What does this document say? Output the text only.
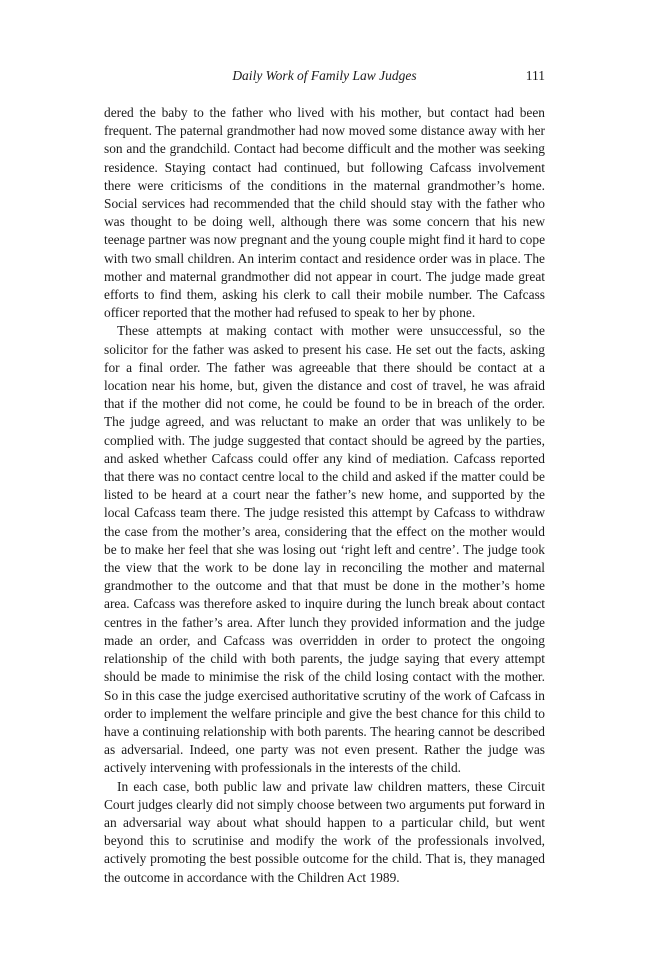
Daily Work of Family Law Judges	111

dered the baby to the father who lived with his mother, but contact had been frequent. The paternal grandmother had now moved some distance away with her son and the grandchild. Contact had become difficult and the mother was seeking residence. Staying contact had continued, but following Cafcass involvement there were criticisms of the conditions in the maternal grandmother’s home. Social services had recommended that the child should stay with the father who was thought to be doing well, although there was some concern that his new teenage partner was now pregnant and the young couple might find it hard to cope with two small children. An interim contact and residence order was in place. The mother and maternal grandmother did not appear in court. The judge made great efforts to find them, asking his clerk to call their mobile number. The Cafcass officer reported that the mother had refused to speak to her by phone.

These attempts at making contact with mother were unsuccessful, so the solicitor for the father was asked to present his case. He set out the facts, asking for a final order. The father was agreeable that there should be contact at a location near his home, but, given the distance and cost of travel, he was afraid that if the mother did not come, he could be found to be in breach of the order. The judge agreed, and was reluctant to make an order that was unlikely to be complied with. The judge suggested that contact should be agreed by the parties, and asked whether Cafcass could offer any kind of mediation. Cafcass reported that there was no contact centre local to the child and asked if the matter could be listed to be heard at a court near the father’s new home, and supported by the local Cafcass team there. The judge resisted this attempt by Cafcass to withdraw the case from the mother’s area, considering that the effect on the mother would be to make her feel that she was losing out ‘right left and centre’. The judge took the view that the work to be done lay in reconciling the mother and maternal grandmother to the outcome and that that must be done in the mother’s home area. Cafcass was therefore asked to inquire during the lunch break about contact centres in the father’s area. After lunch they provided information and the judge made an order, and Cafcass was overridden in order to protect the ongoing relationship of the child with both parents, the judge saying that every attempt should be made to minimise the risk of the child losing contact with the mother. So in this case the judge exercised authoritative scrutiny of the work of Cafcass in order to implement the welfare principle and give the best chance for this child to have a continuing relationship with both parents. The hearing cannot be described as adversarial. Indeed, one party was not even present. Rather the judge was actively intervening with professionals in the interests of the child.

In each case, both public law and private law children matters, these Circuit Court judges clearly did not simply choose between two arguments put forward in an adversarial way about what should happen to a particular child, but went beyond this to scrutinise and modify the work of the professionals involved, actively promoting the best possible outcome for the child. That is, they managed the outcome in accordance with the Children Act 1989.
